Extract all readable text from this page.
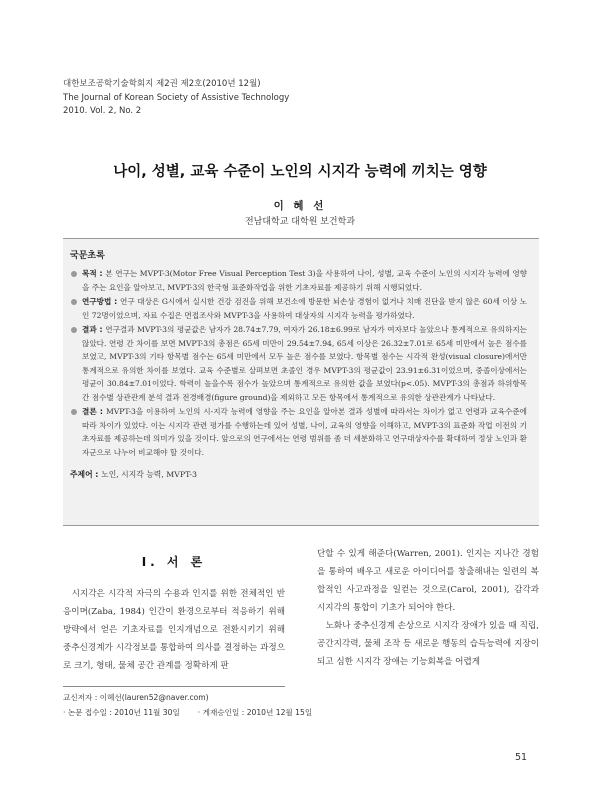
대한보조공학기술학회지 제2권 제2호(2010년 12월)
The Journal of Korean Society of Assistive Technology
2010. Vol. 2, No. 2
나이, 성별, 교육 수준이 노인의 시지각 능력에 끼치는 영향
이 혜 선
전남대학교 대학원 보건학과
국문초록
목적 : 본 연구는 MVPT-3(Motor Free Visual Perception Test 3)을 사용하여 나이, 성별, 교육 수준이 노인의 시지각 능력에 영향을 주는 요인을 알아보고, MVPT-3의 한국형 표준화작업을 위한 기초자료를 제공하기 위해 시행되었다.
연구방법 : 연구 대상은 G시에서 실시한 건강 검진을 위해 보건소에 방문한 뇌손상 경험이 없거나 치매 진단을 받지 않은 60세 이상 노인 72명이었으며, 자료 수집은 면접조사와 MVPT-3을 사용하여 대상자의 시지각 능력을 평가하였다.
결과 : 연구결과 MVPT-3의 평균값은 남자가 28.74±7.79, 여자가 26.18±6.99로 남자가 여자보다 높았으나 통계적으로 유의하지는 않았다. 연령 간 차이를 보면 MVPT-3의 총점은 65세 미만이 29.54±7.94, 65세 이상은 26.32±7.01로 65세 미만에서 높은 점수를 보였고, MVPT-3의 기타 항목별 점수는 65세 미만에서 모두 높은 점수를 보였다. 항목별 점수는 시각적 완성(visual closure)에서만 통계적으로 유의한 차이를 보였다. 교육 수준별로 살펴보면 초졸인 경우 MVPT-3의 평균값이 23.91±6.31이었으며, 중졸이상에서는 평균이 30.84±7.01이었다. 학력이 높을수록 점수가 높았으며 통계적으로 유의한 값을 보였다(p<.05). MVPT-3의 총점과 하위항목 간 점수별 상관관계 분석 결과 전경배경(figure ground)을 제외하고 모든 항목에서 통계적으로 유의한 상관관계가 나타났다.
결론 : MVPT-3을 이용하여 노인의 시-지각 능력에 영향을 주는 요인을 알아본 결과 성별에 따라서는 차이가 없고 연령과 교육수준에 따라 차이가 있었다. 이는 시지각 관련 평가를 수행하는데 있어 성별, 나이, 교육의 영향을 이해하고, MVPT-3의 표준화 작업 이전의 기초자료를 제공하는데 의미가 있을 것이다. 앞으로의 연구에서는 연령 범위를 좀 더 세분화하고 연구대상자수를 확대하여 정상 노인과 환자군으로 나누어 비교해야 할 것이다.
주제어 : 노인, 시지각 능력, MVPT-3
I. 서 론

시지각은 시각적 자극의 수용과 인지를 위한 전체적인 반응이며(Zaba, 1984) 인간이 환경으로부터 적응하기 위해 방략에서 얻은 기초자료를 인지개념으로 전환시키기 위해 중추신경계가 시각정보를 통합하여 의사를 결정하는 과정으로 크기, 형태, 물체 공간 관계를 정확하게 판

단할 수 있게 해준다(Warren, 2001). 인지는 지나간 경험을 통하여 배우고 새로운 아이디어를 창출해내는 일련의 복합적인 사고과정을 일컫는 것으로(Carol, 2001), 감각과 시지각의 통합이 기초가 되어야 한다.

노화나 중추신경계 손상으로 시지각 장애가 있을 때 직립, 공간지각력, 물체 조작 등 새로운 행동의 습득능력에 지장이 되고 심한 시지각 장애는 기능회복을 어렵게

교신저자 : 이혜선(lauren52@naver.com)
· 논문 접수일 : 2010년 11월 30일 · 게재승인일 : 2010년 12월 15일
51
